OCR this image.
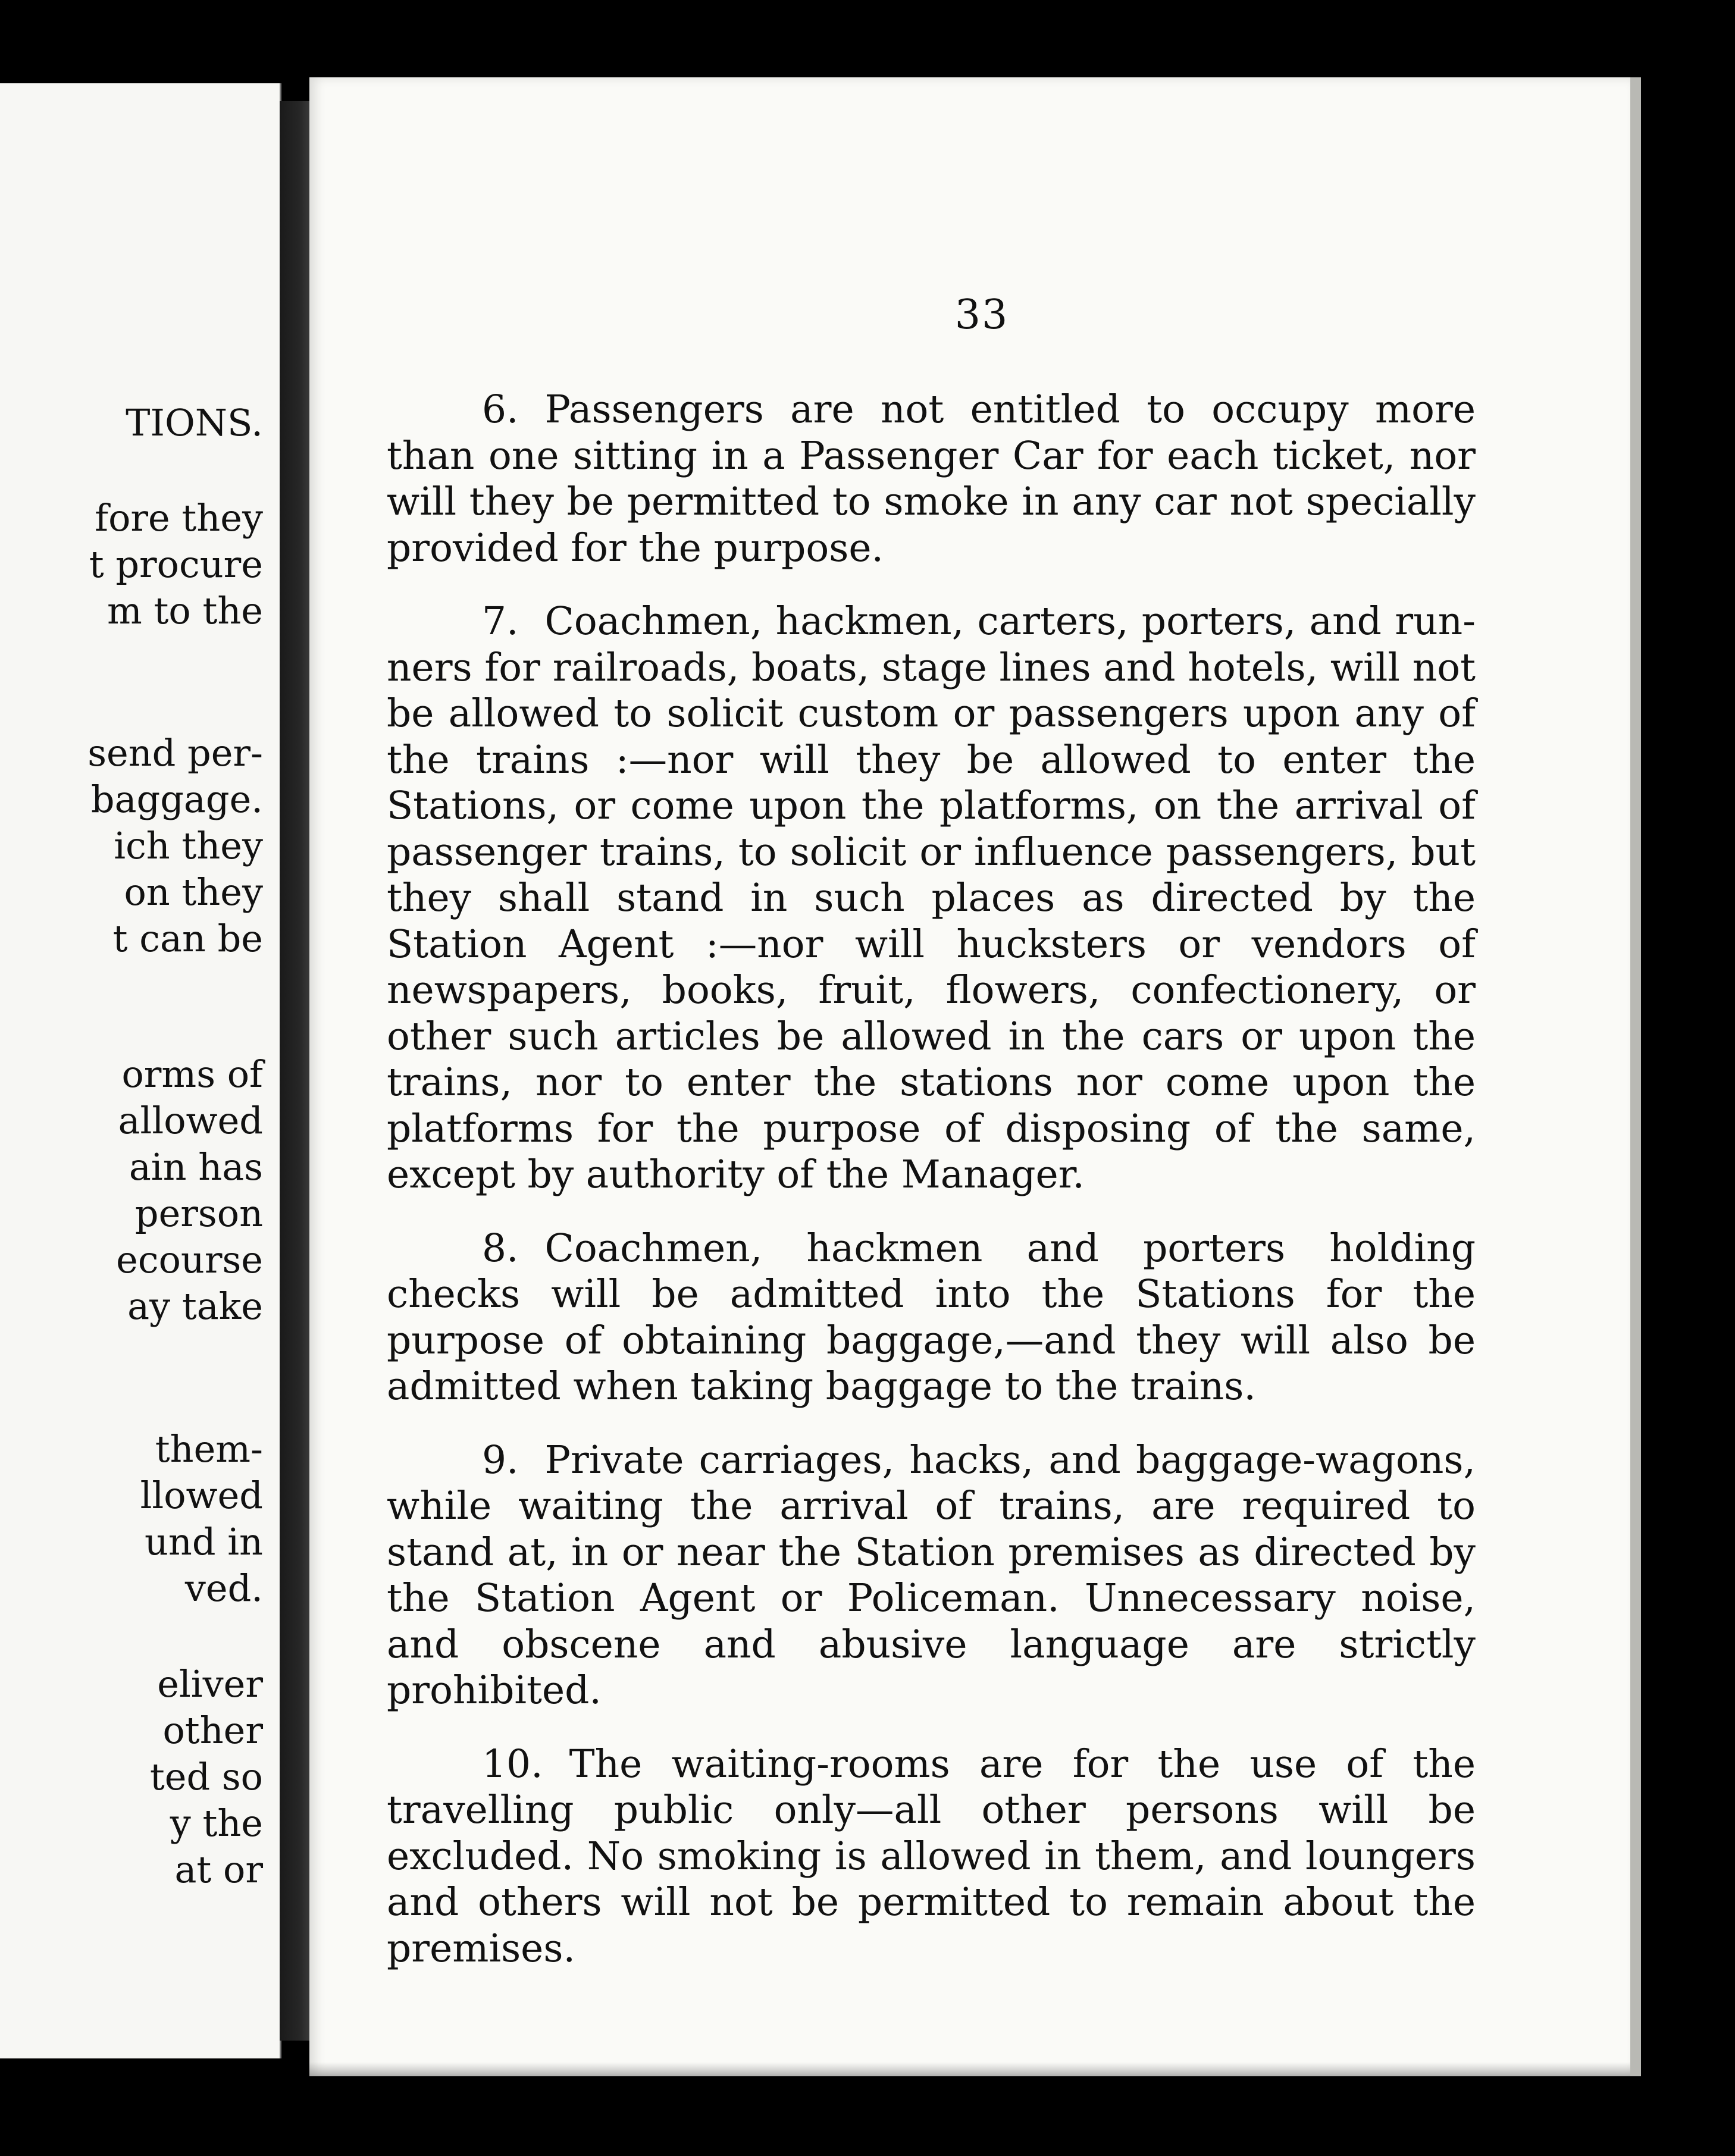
TIONS.
fore they
t procure
m to the
send per-
baggage.
ich they
on they
t can be
orms of
allowed
ain has
person
ecourse
ay take
them-
llowed
und in
ved.
eliver
other
ted so
y the
at or
33

6. Passengers are not entitled to occupy more than one sitting in a Passenger Car for each ticket, nor will they be permitted to smoke in any car not specially provided for the purpose.

7. Coachmen, hackmen, carters, porters, and runners for railroads, boats, stage lines and hotels, will not be allowed to solicit custom or passengers upon any of the trains :—nor will they be allowed to enter the Stations, or come upon the platforms, on the arrival of passenger trains, to solicit or influence passengers, but they shall stand in such places as directed by the Station Agent :—nor will hucksters or vendors of newspapers, books, fruit, flowers, confectionery, or other such articles be allowed in the cars or upon the trains, nor to enter the stations nor come upon the platforms for the purpose of disposing of the same, except by authority of the Manager.

8. Coachmen, hackmen and porters holding checks will be admitted into the Stations for the purpose of obtaining baggage,—and they will also be admitted when taking baggage to the trains.

9. Private carriages, hacks, and baggage-wagons, while waiting the arrival of trains, are required to stand at, in or near the Station premises as directed by the Station Agent or Policeman. Unnecessary noise, and obscene and abusive language are strictly prohibited.

10. The waiting-rooms are for the use of the travelling public only—all other persons will be excluded. No smoking is allowed in them, and loungers and others will not be permitted to remain about the premises.
